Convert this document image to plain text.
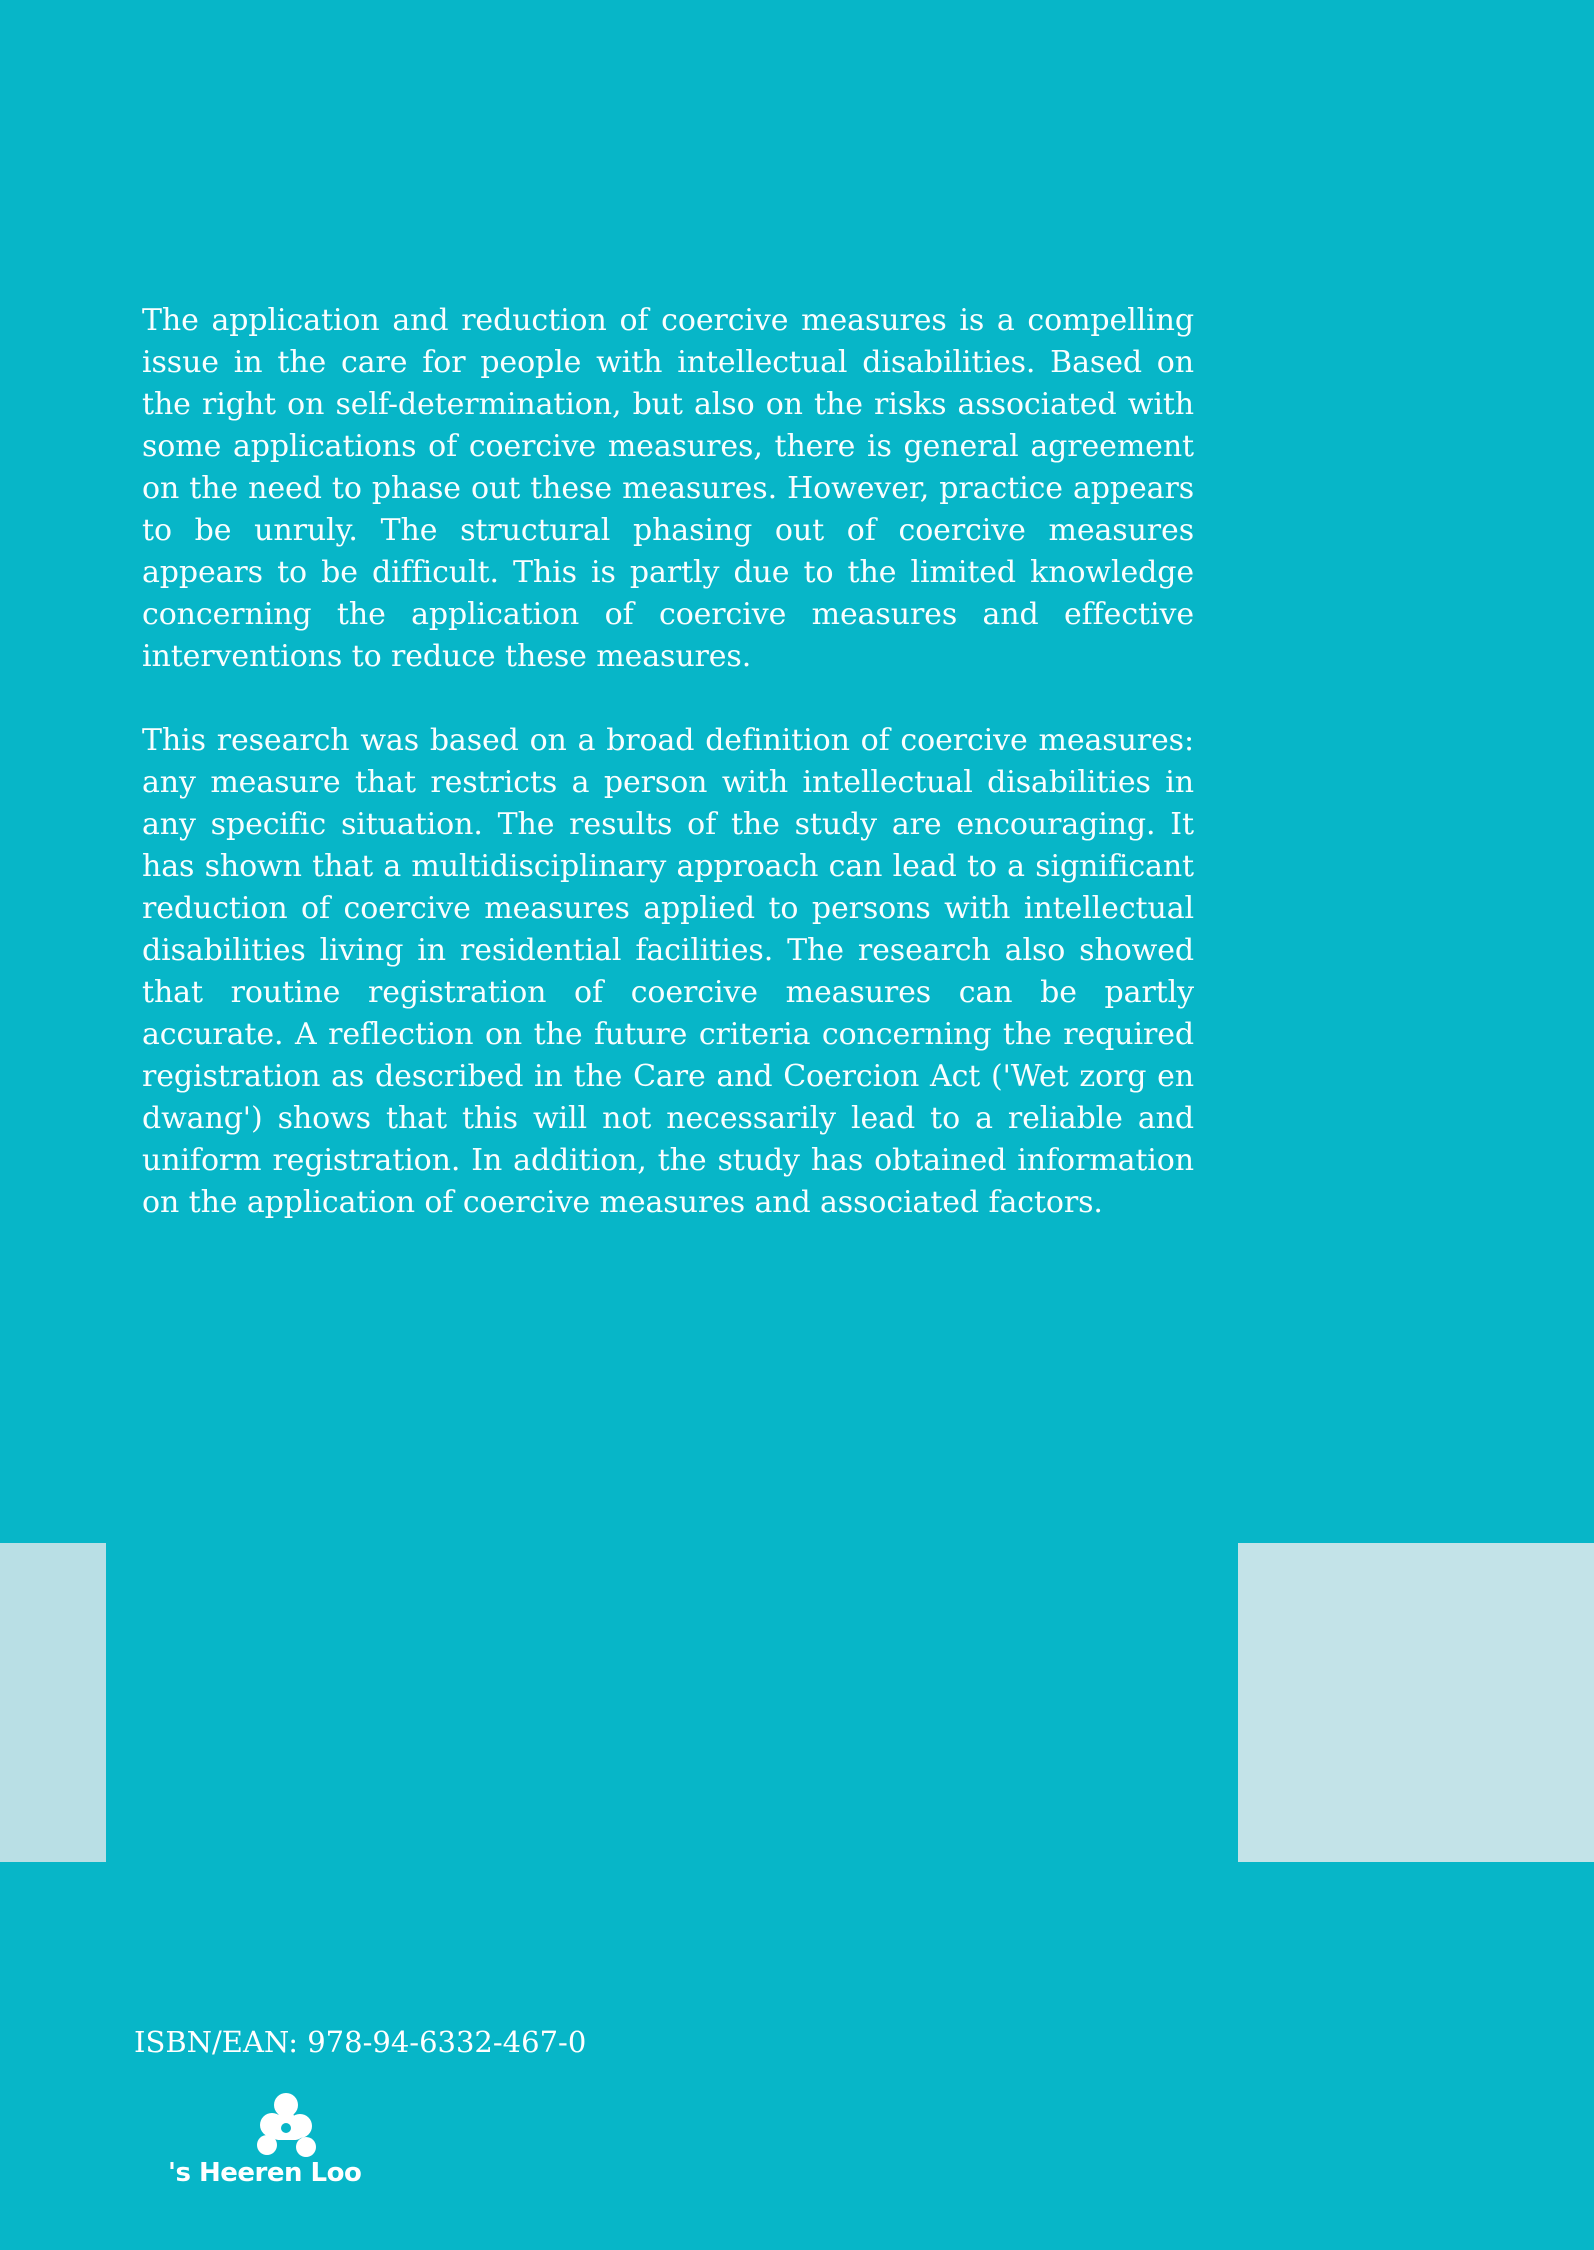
The application and reduction of coercive measures is a compelling issue in the care for people with intellectual disabilities. Based on the right on self-determination, but also on the risks associated with some applications of coercive measures, there is general agreement on the need to phase out these measures. However, practice appears to be unruly. The structural phasing out of coercive measures appears to be difficult. This is partly due to the limited knowledge concerning the application of coercive measures and effective interventions to reduce these measures.

This research was based on a broad definition of coercive measures: any measure that restricts a person with intellectual disabilities in any specific situation. The results of the study are encouraging. It has shown that a multidisciplinary approach can lead to a significant reduction of coercive measures applied to persons with intellectual disabilities living in residential facilities. The research also showed that routine registration of coercive measures can be partly accurate. A reflection on the future criteria concerning the required registration as described in the Care and Coercion Act ('Wet zorg en dwang') shows that this will not necessarily lead to a reliable and uniform registration. In addition, the study has obtained information on the application of coercive measures and associated factors.

ISBN/EAN: 978-94-6332-467-0
's Heeren Loo
